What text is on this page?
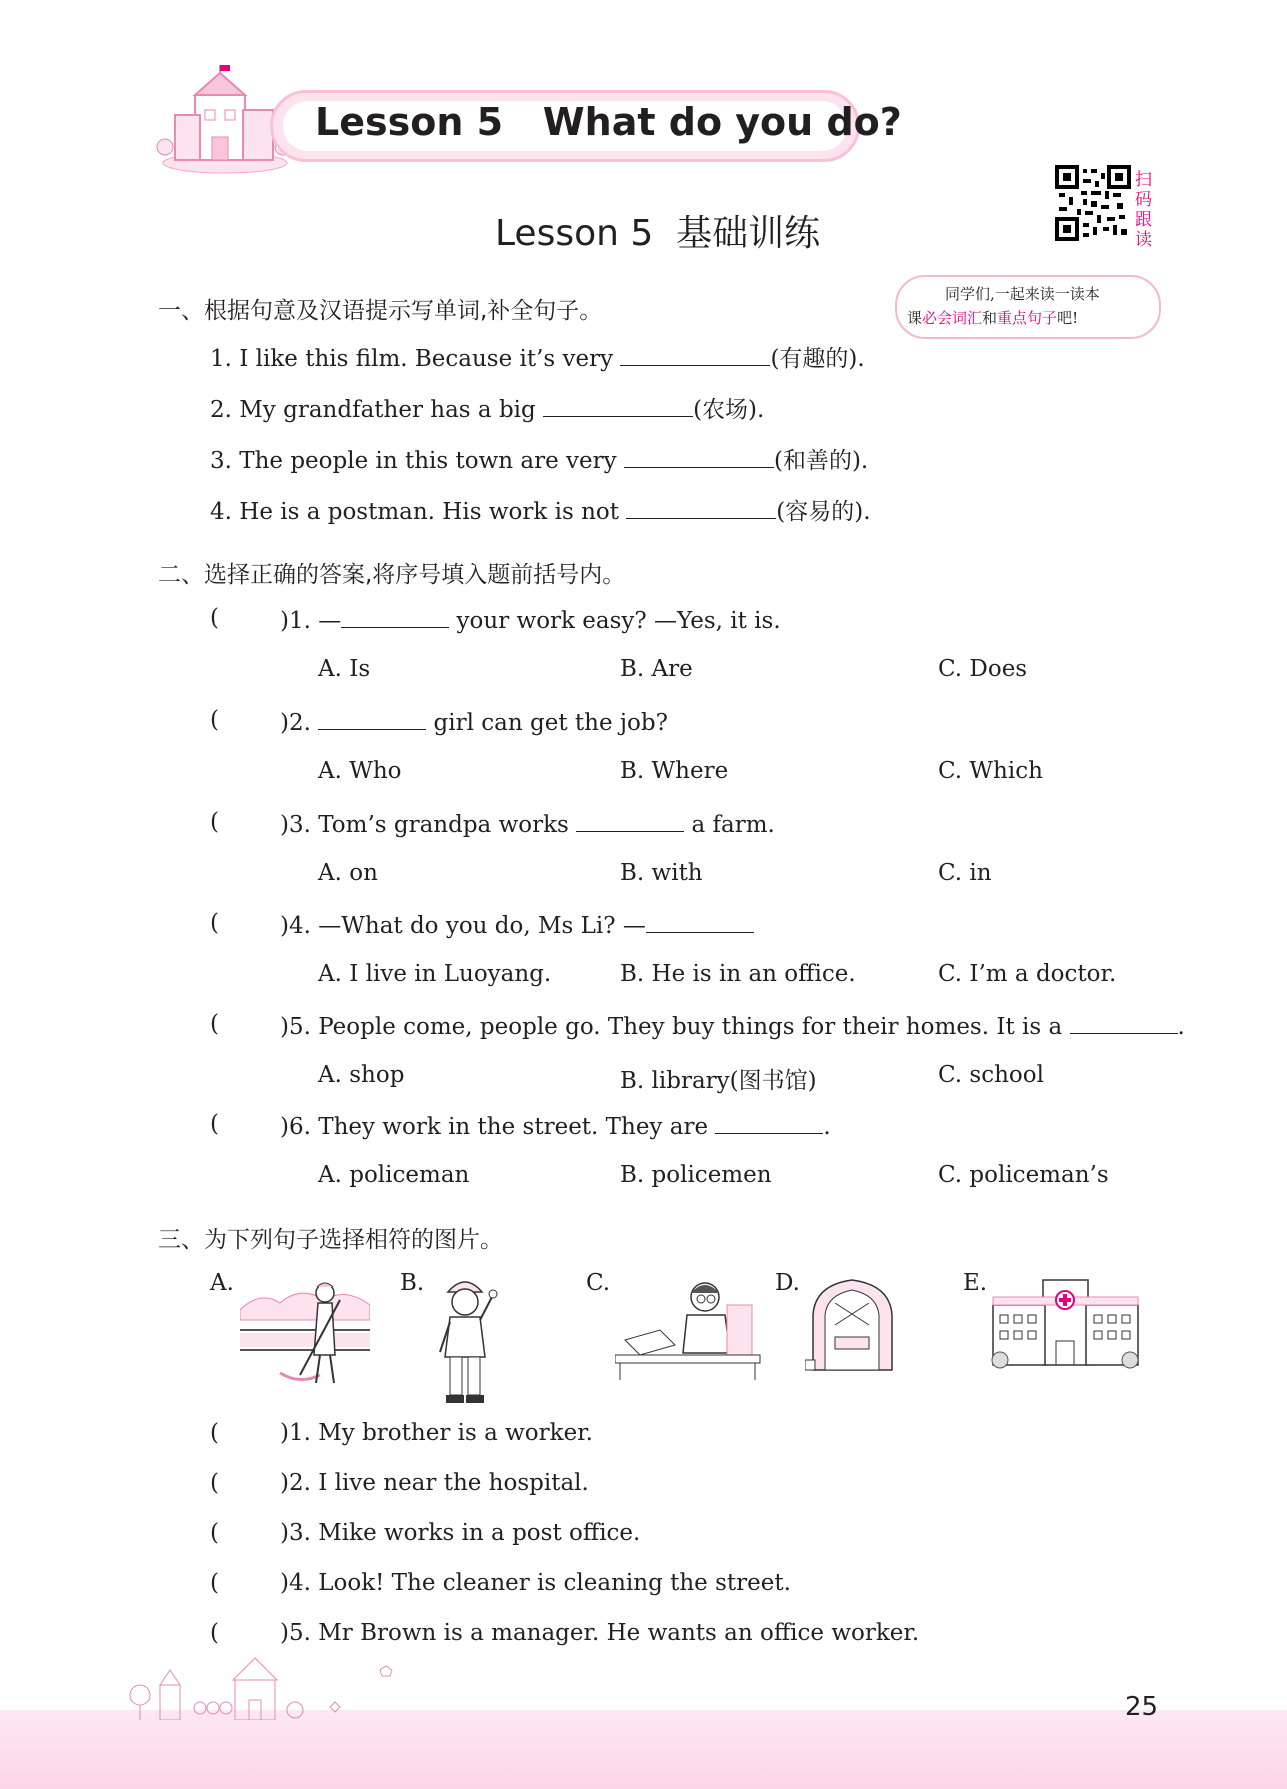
Lesson 5   What do you do?
扫
码
跟
读
同学们,一起来读一读本
课必会词汇和重点句子吧!
Lesson 5  基础训练
一、根据句意及汉语提示写单词,补全句子。
1. I like this film. Because it’s very	(有趣的).
2. My grandfather has a big	(农场).
3. The people in this town are very	(和善的).
4. He is a postman. His work is not	(容易的).
二、选择正确的答案,将序号填入题前括号内。
(	)1. —	your work easy? —Yes, it is.
A. Is	B. Are	C. Does
(	)2.	girl can get the job?
A. Who	B. Where	C. Which
(	)3. Tom’s grandpa works	a farm.
A. on	B. with	C. in
(	)4. —What do you do, Ms Li? —
A. I live in Luoyang.	B. He is in an office.	C. I’m a doctor.
(	)5. People come, people go. They buy things for their homes. It is a	.
A. shop	B. library(图书馆)	C. school
(	)6. They work in the street. They are	.
A. policeman	B. policemen	C. policeman’s
三、为下列句子选择相符的图片。
A.	B.	C.	D.	E.
(	)1. My brother is a worker.
(	)2. I live near the hospital.
(	)3. Mike works in a post office.
(	)4. Look! The cleaner is cleaning the street.
(	)5. Mr Brown is a manager. He wants an office worker.
25
